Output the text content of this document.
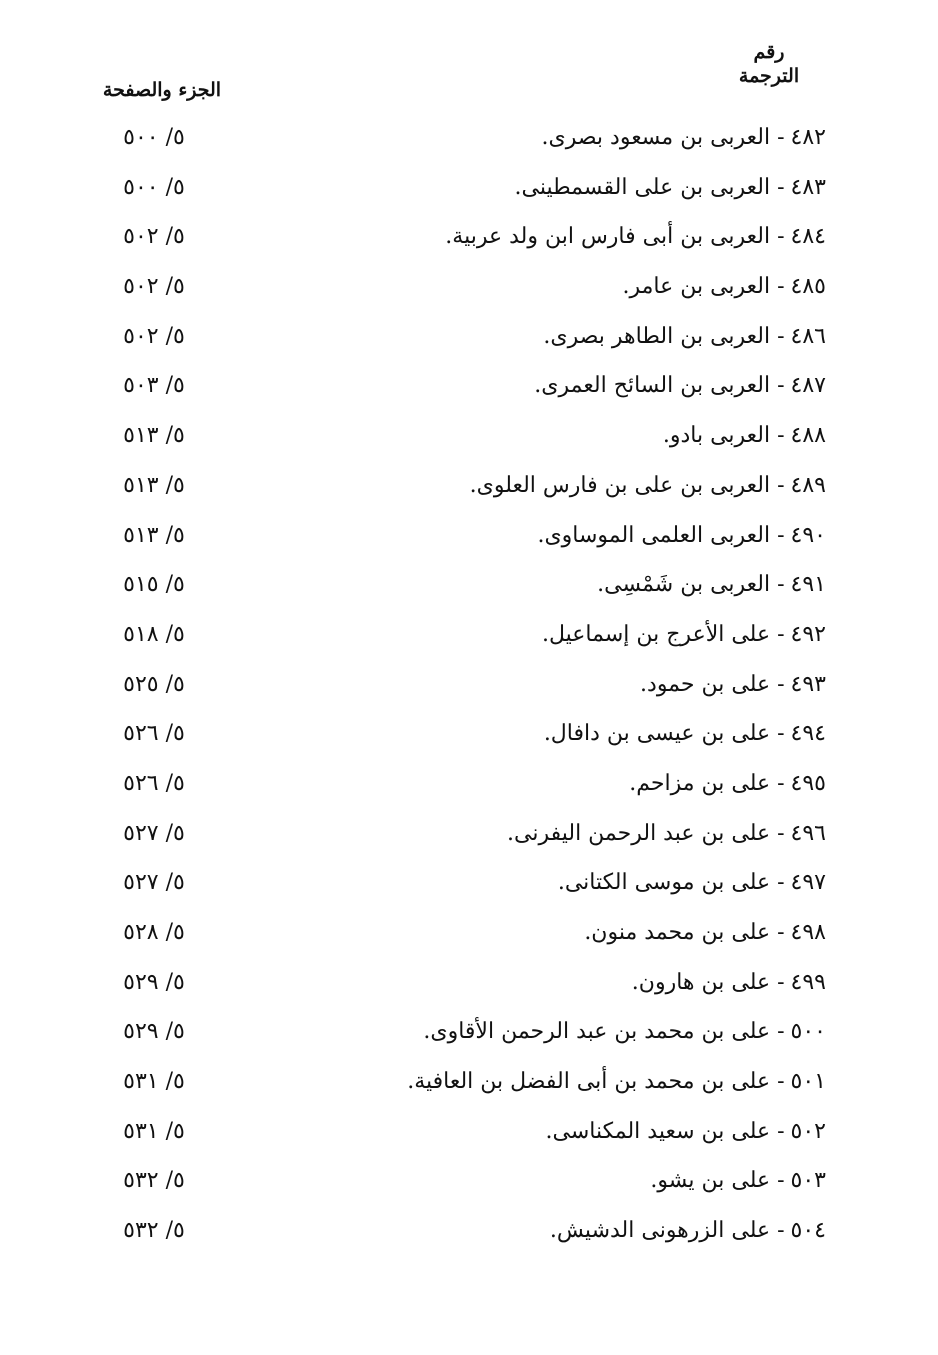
رقم
الترجمة
الجزء والصفحة
٤٨٢- العربى بن مسعود بصرى.
٥/ ٥٠٠
٤٨٣- العربى بن على القسمطينى.
٥/ ٥٠٠
٤٨٤- العربى بن أبى فارس ابن ولد عربية.
٥/ ٥٠٢
٤٨٥- العربى بن عامر.
٥/ ٥٠٢
٤٨٦- العربى بن الطاهر بصرى.
٥/ ٥٠٢
٤٨٧- العربى بن السائح العمرى.
٥/ ٥٠٣
٤٨٨- العربى بادو.
٥/ ٥١٣
٤٨٩- العربى بن على بن فارس العلوى.
٥/ ٥١٣
٤٩٠- العربى العلمى الموساوى.
٥/ ٥١٣
٤٩١- العربى بن شَمْسِى.
٥/ ٥١٥
٤٩٢- على الأعرج بن إسماعيل.
٥/ ٥١٨
٤٩٣- على بن حمود.
٥/ ٥٢٥
٤٩٤- على بن عيسى بن دافال.
٥/ ٥٢٦
٤٩٥- على بن مزاحم.
٥/ ٥٢٦
٤٩٦- على بن عبد الرحمن اليفرنى.
٥/ ٥٢٧
٤٩٧- على بن موسى الكتانى.
٥/ ٥٢٧
٤٩٨- على بن محمد منون.
٥/ ٥٢٨
٤٩٩- على بن هارون.
٥/ ٥٢٩
٥٠٠- على بن محمد بن عبد الرحمن الأقاوى.
٥/ ٥٢٩
٥٠١- على بن محمد بن أبى الفضل بن العافية.
٥/ ٥٣١
٥٠٢- على بن سعيد المكناسى.
٥/ ٥٣١
٥٠٣- على بن يشو.
٥/ ٥٣٢
٥٠٤- على الزرهونى الدشيش.
٥/ ٥٣٢
